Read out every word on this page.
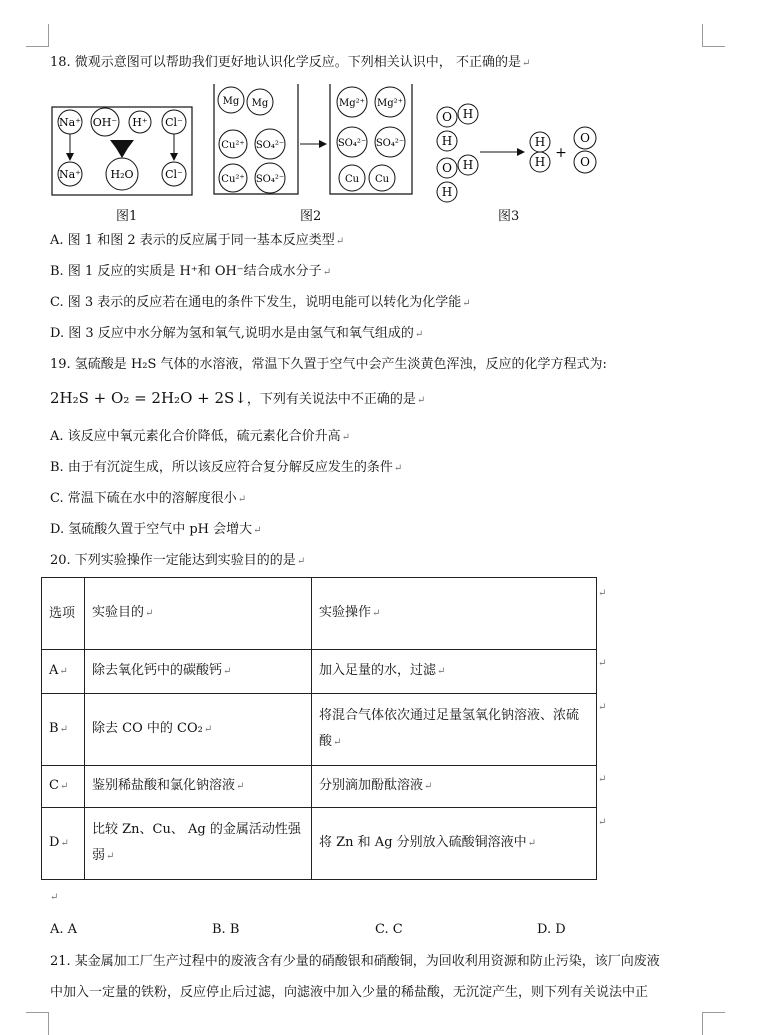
18. 微观示意图可以帮助我们更好地认识化学反应。下列相关认识中， 不正确的是↵
Na⁺ OH⁻ H⁺ Cl⁻
Na⁺	H₂O	Cl⁻
Mg Mg
Cu²⁺ SO₄²⁻
Cu²⁺ SO₄²⁻
Mg²⁺ Mg²⁺
SO₄²⁻ SO₄²⁻
Cu Cu
O H
H
O H
H
H
H
O
O
+
图1	图2	图3
A. 图 1 和图 2 表示的反应属于同一基本反应类型↵
B. 图 1 反应的实质是 H⁺和 OH⁻结合成水分子↵
C. 图 3 表示的反应若在通电的条件下发生，说明电能可以转化为化学能↵
D. 图 3 反应中水分解为氢和氧气,说明水是由氢气和氧气组成的↵
19. 氢硫酸是 H₂S 气体的水溶液，常温下久置于空气中会产生淡黄色浑浊，反应的化学方程式为:
2H₂S + O₂ = 2H₂O + 2S↓，下列有关说法中不正确的是↵
A. 该反应中氧元素化合价降低，硫元素化合价升高↵
B. 由于有沉淀生成，所以该反应符合复分解反应发生的条件↵
C. 常温下硫在水中的溶解度很小↵
D. 氢硫酸久置于空气中 pH 会增大↵
20. 下列实验操作一定能达到实验目的的是↵
选项	实验目的↵	实验操作↵
A↵	除去氧化钙中的碳酸钙↵	加入足量的水，过滤↵
B↵	除去 CO 中的 CO₂↵	将混合气体依次通过足量氢氧化钠溶液、浓硫酸↵
C↵	鉴别稀盐酸和氯化钠溶液↵	分别滴加酚酞溶液↵
D↵	比较 Zn、Cu、 Ag 的金属活动性强弱↵	将 Zn 和 Ag 分别放入硫酸铜溶液中↵
↵
↵
↵
↵
↵
↵
A. A	B. B	C. C	D. D
21. 某金属加工厂生产过程中的废液含有少量的硝酸银和硝酸铜，为回收利用资源和防止污染，该厂向废液
中加入一定量的铁粉，反应停止后过滤，向滤液中加入少量的稀盐酸，无沉淀产生，则下列有关说法中正
